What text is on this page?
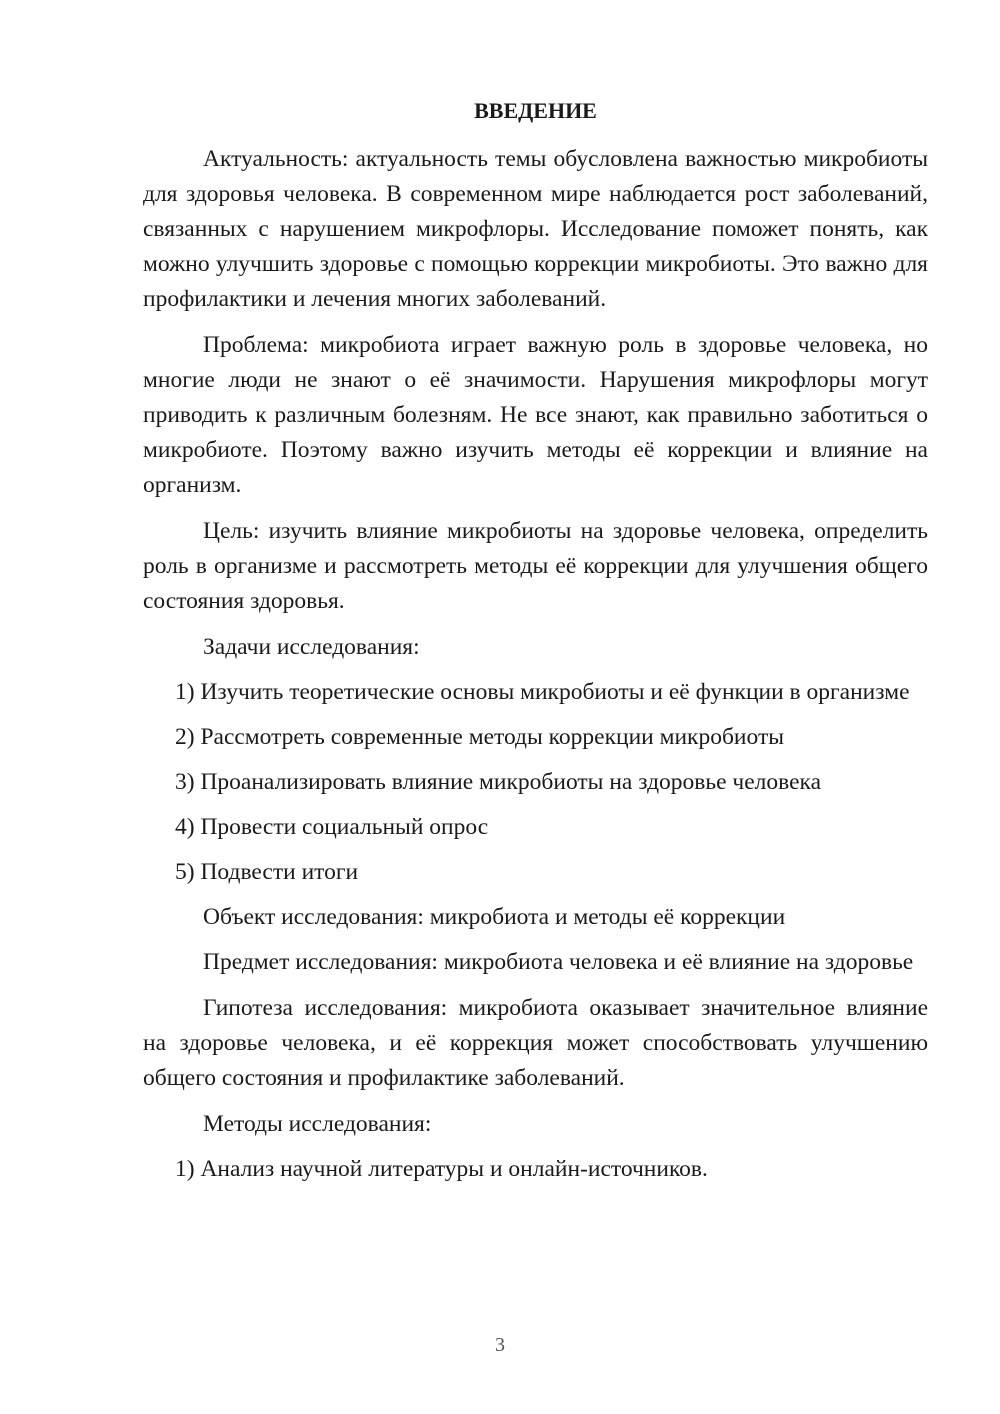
ВВЕДЕНИЕ

Актуальность: актуальность темы обусловлена важностью микробиоты для здоровья человека. В современном мире наблюдается рост заболеваний, связанных с нарушением микрофлоры. Исследование поможет понять, как можно улучшить здоровье с помощью коррекции микробиоты. Это важно для профилактики и лечения многих заболеваний.

Проблема: микробиота играет важную роль в здоровье человека, но многие люди не знают о её значимости. Нарушения микрофлоры могут приводить к различным болезням. Не все знают, как правильно заботиться о микробиоте. Поэтому важно изучить методы её коррекции и влияние на организм.

Цель: изучить влияние микробиоты на здоровье человека, определить роль в организме и рассмотреть методы её коррекции для улучшения общего состояния здоровья.

Задачи исследования:

1) Изучить теоретические основы микробиоты и её функции в организме

2) Рассмотреть современные методы коррекции микробиоты

3) Проанализировать влияние микробиоты на здоровье человека

4) Провести социальный опрос

5) Подвести итоги

Объект исследования: микробиота и методы её коррекции

Предмет исследования: микробиота человека и её влияние на здоровье

Гипотеза исследования: микробиота оказывает значительное влияние на здоровье человека, и её коррекция может способствовать улучшению общего состояния и профилактике заболеваний.

Методы исследования:

1) Анализ научной литературы и онлайн-источников.

3
